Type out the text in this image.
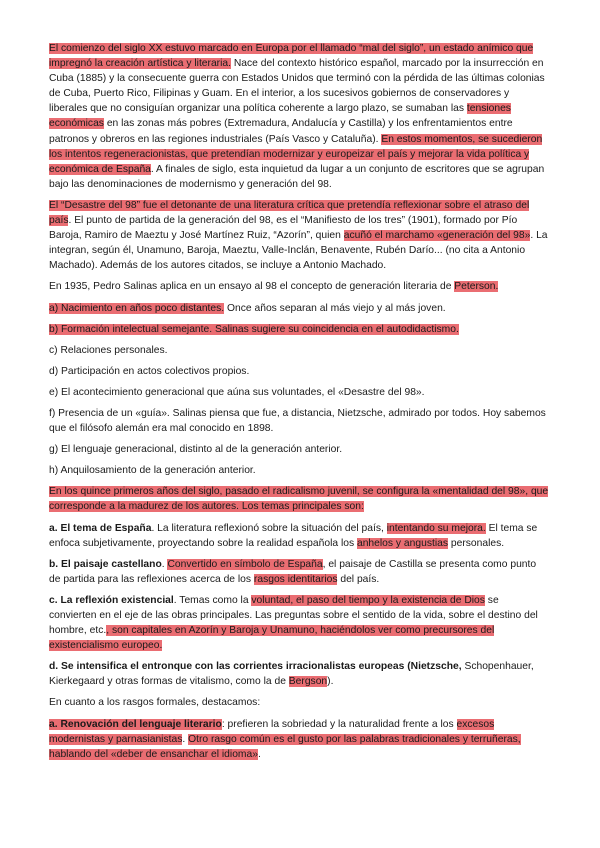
El comienzo del siglo XX estuvo marcado en Europa por el llamado “mal del siglo”, un estado anímico que impregnó la creación artística y literaria. Nace del contexto histórico español, marcado por la insurrección en Cuba (1885) y la consecuente guerra con Estados Unidos que terminó con la pérdida de las últimas colonias de Cuba, Puerto Rico, Filipinas y Guam. En el interior, a los sucesivos gobiernos de conservadores y liberales que no consiguían organizar una política coherente a largo plazo, se sumaban las tensiones económicas en las zonas más pobres (Extremadura, Andalucía y Castilla) y los enfrentamientos entre patronos y obreros en las regiones industriales (País Vasco y Cataluña). En estos momentos, se sucedieron los intentos regeneracionistas, que pretendían modernizar y europeizar el país y mejorar la vida política y económica de España. A finales de siglo, esta inquietud da lugar a un conjunto de escritores que se agrupan bajo las denominaciones de modernismo y generación del 98.

El “Desastre del 98” fue el detonante de una literatura crítica que pretendía reflexionar sobre el atraso del país. El punto de partida de la generación del 98, es el “Manifiesto de los tres” (1901), formado por Pío Baroja, Ramiro de Maeztu y José Martínez Ruiz, “Azorín”, quien acuñó el marchamo «generación del 98». La integran, según él, Unamuno, Baroja, Maeztu, Valle-Inclán, Benavente, Rubén Darío... (no cita a Antonio Machado). Además de los autores citados, se incluye a Antonio Machado.

En 1935, Pedro Salinas aplica en un ensayo al 98 el concepto de generación literaria de Peterson.

a) Nacimiento en años poco distantes. Once años separan al más viejo y al más joven.

b) Formación intelectual semejante. Salinas sugiere su coincidencia en el autodidactismo.

c) Relaciones personales.

d) Participación en actos colectivos propios.

e) El acontecimiento generacional que aúna sus voluntades, el «Desastre del 98».

f) Presencia de un «guía». Salinas piensa que fue, a distancia, Nietzsche, admirado por todos. Hoy sabemos que el filósofo alemán era mal conocido en 1898.

g) El lenguaje generacional, distinto al de la generación anterior.

h) Anquilosamiento de la generación anterior.

En los quince primeros años del siglo, pasado el radicalismo juvenil, se configura la «mentalidad del 98», que corresponde a la madurez de los autores. Los temas principales son:

a. El tema de España. La literatura reflexionó sobre la situación del país, intentando su mejora. El tema se enfoca subjetivamente, proyectando sobre la realidad española los anhelos y angustias personales.

b. El paisaje castellano. Convertido en símbolo de España, el paisaje de Castilla se presenta como punto de partida para las reflexiones acerca de los rasgos identitarios del país.

c. La reflexión existencial. Temas como la voluntad, el paso del tiempo y la existencia de Dios se convierten en el eje de las obras principales. Las preguntas sobre el sentido de la vida, sobre el destino del hombre, etc., son capitales en Azorín y Baroja y Unamuno, haciéndolos ver como precursores del existencialismo europeo.

d. Se intensifica el entronque con las corrientes irracionalistas europeas (Nietzsche, Schopenhauer, Kierkegaard y otras formas de vitalismo, como la de Bergson).

En cuanto a los rasgos formales, destacamos:

a. Renovación del lenguaje literario: prefieren la sobriedad y la naturalidad frente a los excesos modernistas y parnasianistas. Otro rasgo común es el gusto por las palabras tradicionales y terruñeras, hablando del «deber de ensanchar el idioma».
